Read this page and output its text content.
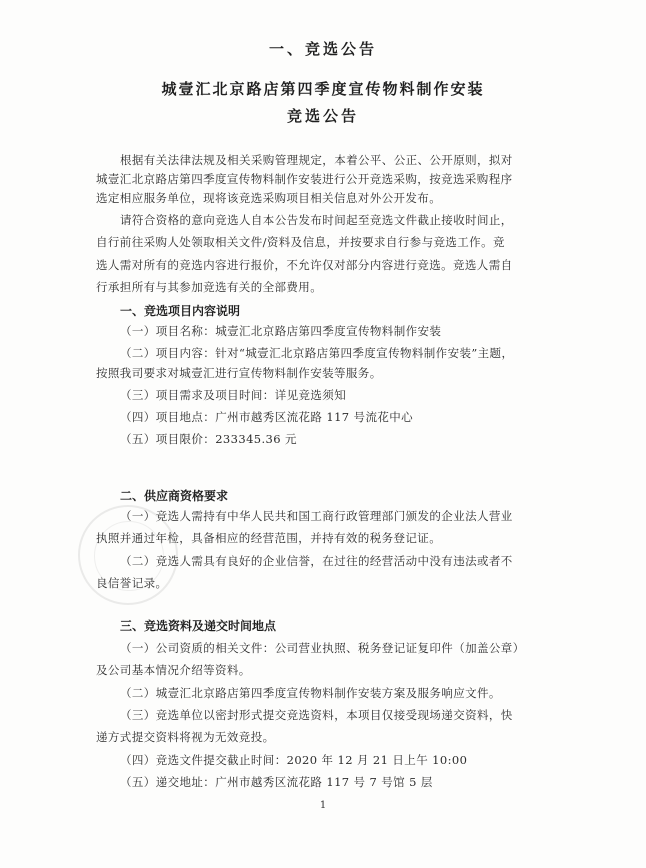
一、竞选公告
城壹汇北京路店第四季度宣传物料制作安装
竞选公告
根据有关法律法规及相关采购管理规定，本着公平、公正、公开原则，拟对
城壹汇北京路店第四季度宣传物料制作安装进行公开竞选采购，按竞选采购程序
选定相应服务单位，现将该竞选采购项目相关信息对外公开发布。
请符合资格的意向竞选人自本公告发布时间起至竞选文件截止接收时间止，
自行前往采购人处领取相关文件/资料及信息，并按要求自行参与竞选工作。竞
选人需对所有的竞选内容进行报价，不允许仅对部分内容进行竞选。竞选人需自
行承担所有与其参加竞选有关的全部费用。
一、竞选项目内容说明
（一）项目名称：城壹汇北京路店第四季度宣传物料制作安装
（二）项目内容：针对“城壹汇北京路店第四季度宣传物料制作安装”主题，
按照我司要求对城壹汇进行宣传物料制作安装等服务。
（三）项目需求及项目时间：详见竞选须知
（四）项目地点：广州市越秀区流花路 117 号流花中心
（五）项目限价：233345.36 元
二、供应商资格要求
（一）竞选人需持有中华人民共和国工商行政管理部门颁发的企业法人营业
执照并通过年检，具备相应的经营范围，并持有效的税务登记证。
（二）竞选人需具有良好的企业信誉，在过往的经营活动中没有违法或者不
良信誉记录。
三、竞选资料及递交时间地点
（一）公司资质的相关文件：公司营业执照、税务登记证复印件（加盖公章）
及公司基本情况介绍等资料。
（二）城壹汇北京路店第四季度宣传物料制作安装方案及服务响应文件。
（三）竞选单位以密封形式提交竞选资料，本项目仅接受现场递交资料，快
递方式提交资料将视为无效竞投。
（四）竞选文件提交截止时间：2020 年 12 月 21 日上午 10:00
（五）递交地址：广州市越秀区流花路 117 号 7 号馆 5 层
1
